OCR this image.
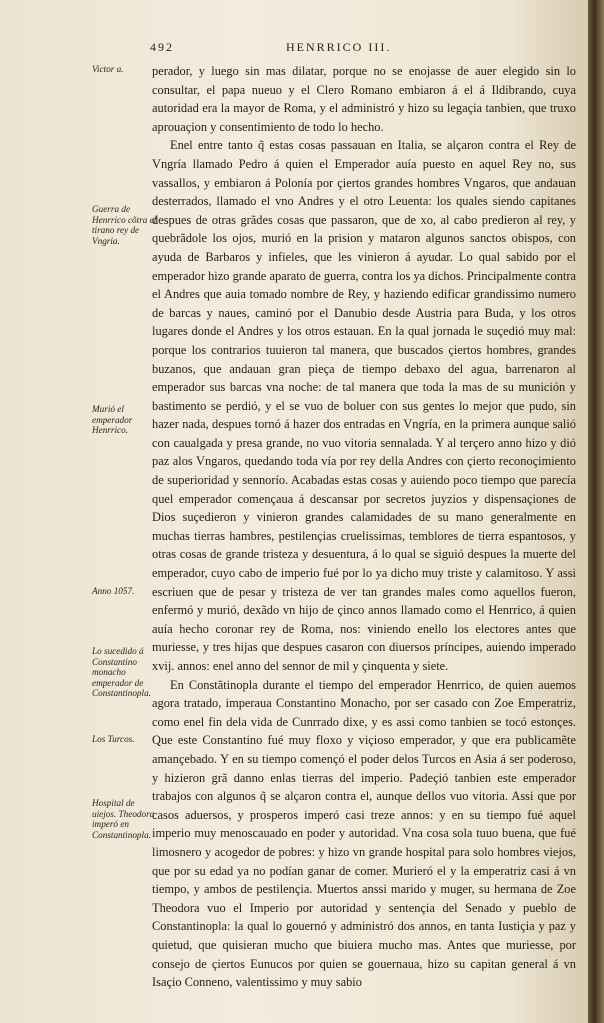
492	HENRRICO III.
Victor a.
Guerra de Henrrico cõtra el tirano rey de Vngria.
Murió el emperador Henrrico.
Anno 1057.
Lo sucedido á Constantino monacho emperador de Constantinopla.
Los Turcos.
Hospital de uiejos. Theodora imperó en Constantinopla.

perador, y luego sin mas dilatar, porque no se enojasse de auer elegido sin lo consultar, el papa nueuo y el Clero Romano embiaron á el á Ildibrando, cuya autoridad era la mayor de Roma, y el administró y hizo su legaçia tanbien, que truxo aprouaçion y consentimiento de todo lo hecho.

Enel entre tanto q̃ estas cosas passauan en Italia, se alçaron contra el Rey de Vngría llamado Pedro á quien el Emperador auía puesto en aquel Rey no, sus vassallos, y embiaron á Polonía por çiertos grandes hombres Vngaros, que andauan desterrados, llamado el vno Andres y el otro Leuenta: los quales siendo capitanes despues de otras grãdes cosas que passaron, que de xo, al cabo predieron al rey, y quebrãdole los ojos, murió en la prision y mataron algunos sanctos obispos, con ayuda de Barbaros y infieles, que les vinieron á ayudar. Lo qual sabido por el emperador hizo grande aparato de guerra, contra los ya dichos. Principalmente contra el Andres que auia tomado nombre de Rey, y haziendo edificar grandissimo numero de barcas y naues, caminó por el Danubio desde Austria para Buda, y los otros lugares donde el Andres y los otros estauan. En la qual jornada le suçedió muy mal: porque los contrarios tuuieron tal manera, que buscados çiertos hombres, grandes buzanos, que andauan gran pieça de tiempo debaxo del agua, barrenaron al emperador sus barcas vna noche: de tal manera que toda la mas de su munición y bastimento se perdió, y el se vuo de boluer con sus gentes lo mejor que pudo, sin hazer nada, despues tornó á hazer dos entradas en Vngría, en la primera aunque salió con caualgada y presa grande, no vuo vitoria sennalada. Y al terçero anno hizo y dió paz alos Vngaros, quedando toda vía por rey della Andres con çierto reconoçimiento de superioridad y sennorío. Acabadas estas cosas y auiendo poco tiempo que parecía quel emperador començaua á descansar por secretos juyzios y dispensaçiones de Dios suçedieron y vinieron grandes calamidades de su mano generalmente en muchas tierras hambres, pestilençias cruelissimas, temblores de tierra espantosos, y otras cosas de grande tristeza y desuentura, á lo qual se siguió despues la muerte del emperador, cuyo cabo de imperio fué por lo ya dicho muy triste y calamitoso. Y assi escriuen que de pesar y tristeza de ver tan grandes males como aquellos fueron, enfermó y murió, dexãdo vn hijo de çinco annos llamado como el Henrrico, á quien auía hecho coronar rey de Roma, nos: viniendo enello los electores antes que muriesse, y tres hijas que despues casaron con diuersos príncipes, auiendo imperado xvij. annos: enel anno del sennor de mil y çinquenta y siete.

En Constãtinopla durante el tiempo del emperador Henrrico, de quien auemos agora tratado, imperaua Constantino Monacho, por ser casado con Zoe Emperatriz, como enel fin dela vida de Cunrrado dixe, y es assi como tanbien se tocó estonçes. Que este Constantino fué muy floxo y viçioso emperador, y que era publicamẽte amançebado. Y en su tiempo començó el poder delos Turcos en Asia á ser poderoso, y hizieron grã danno enlas tierras del imperio. Padeçió tanbien este emperador trabajos con algunos q̃ se alçaron contra el, aunque dellos vuo vitoria. Assi que por casos aduersos, y prosperos imperó casi treze annos: y en su tiempo fué aquel imperio muy menoscauado en poder y autoridad. Vna cosa sola tuuo buena, que fué limosnero y acogedor de pobres: y hizo vn grande hospital para solo hombres viejos, que por su edad ya no podían ganar de comer. Murieró el y la emperatriz casi á vn tiempo, y ambos de pestilençia. Muertos anssi marido y muger, su hermana de Zoe Theodora vuo el Imperio por autoridad y sentençia del Senado y pueblo de Constantinopla: la qual lo gouernó y administró dos annos, en tanta Iustiçia y paz y quietud, que quisieran mucho que biuiera mucho mas. Antes que muriesse, por consejo de çiertos Eunucos por quien se gouernaua, hizo su capitan general á vn Isaçio Conneno, valentissimo y muy sabio
